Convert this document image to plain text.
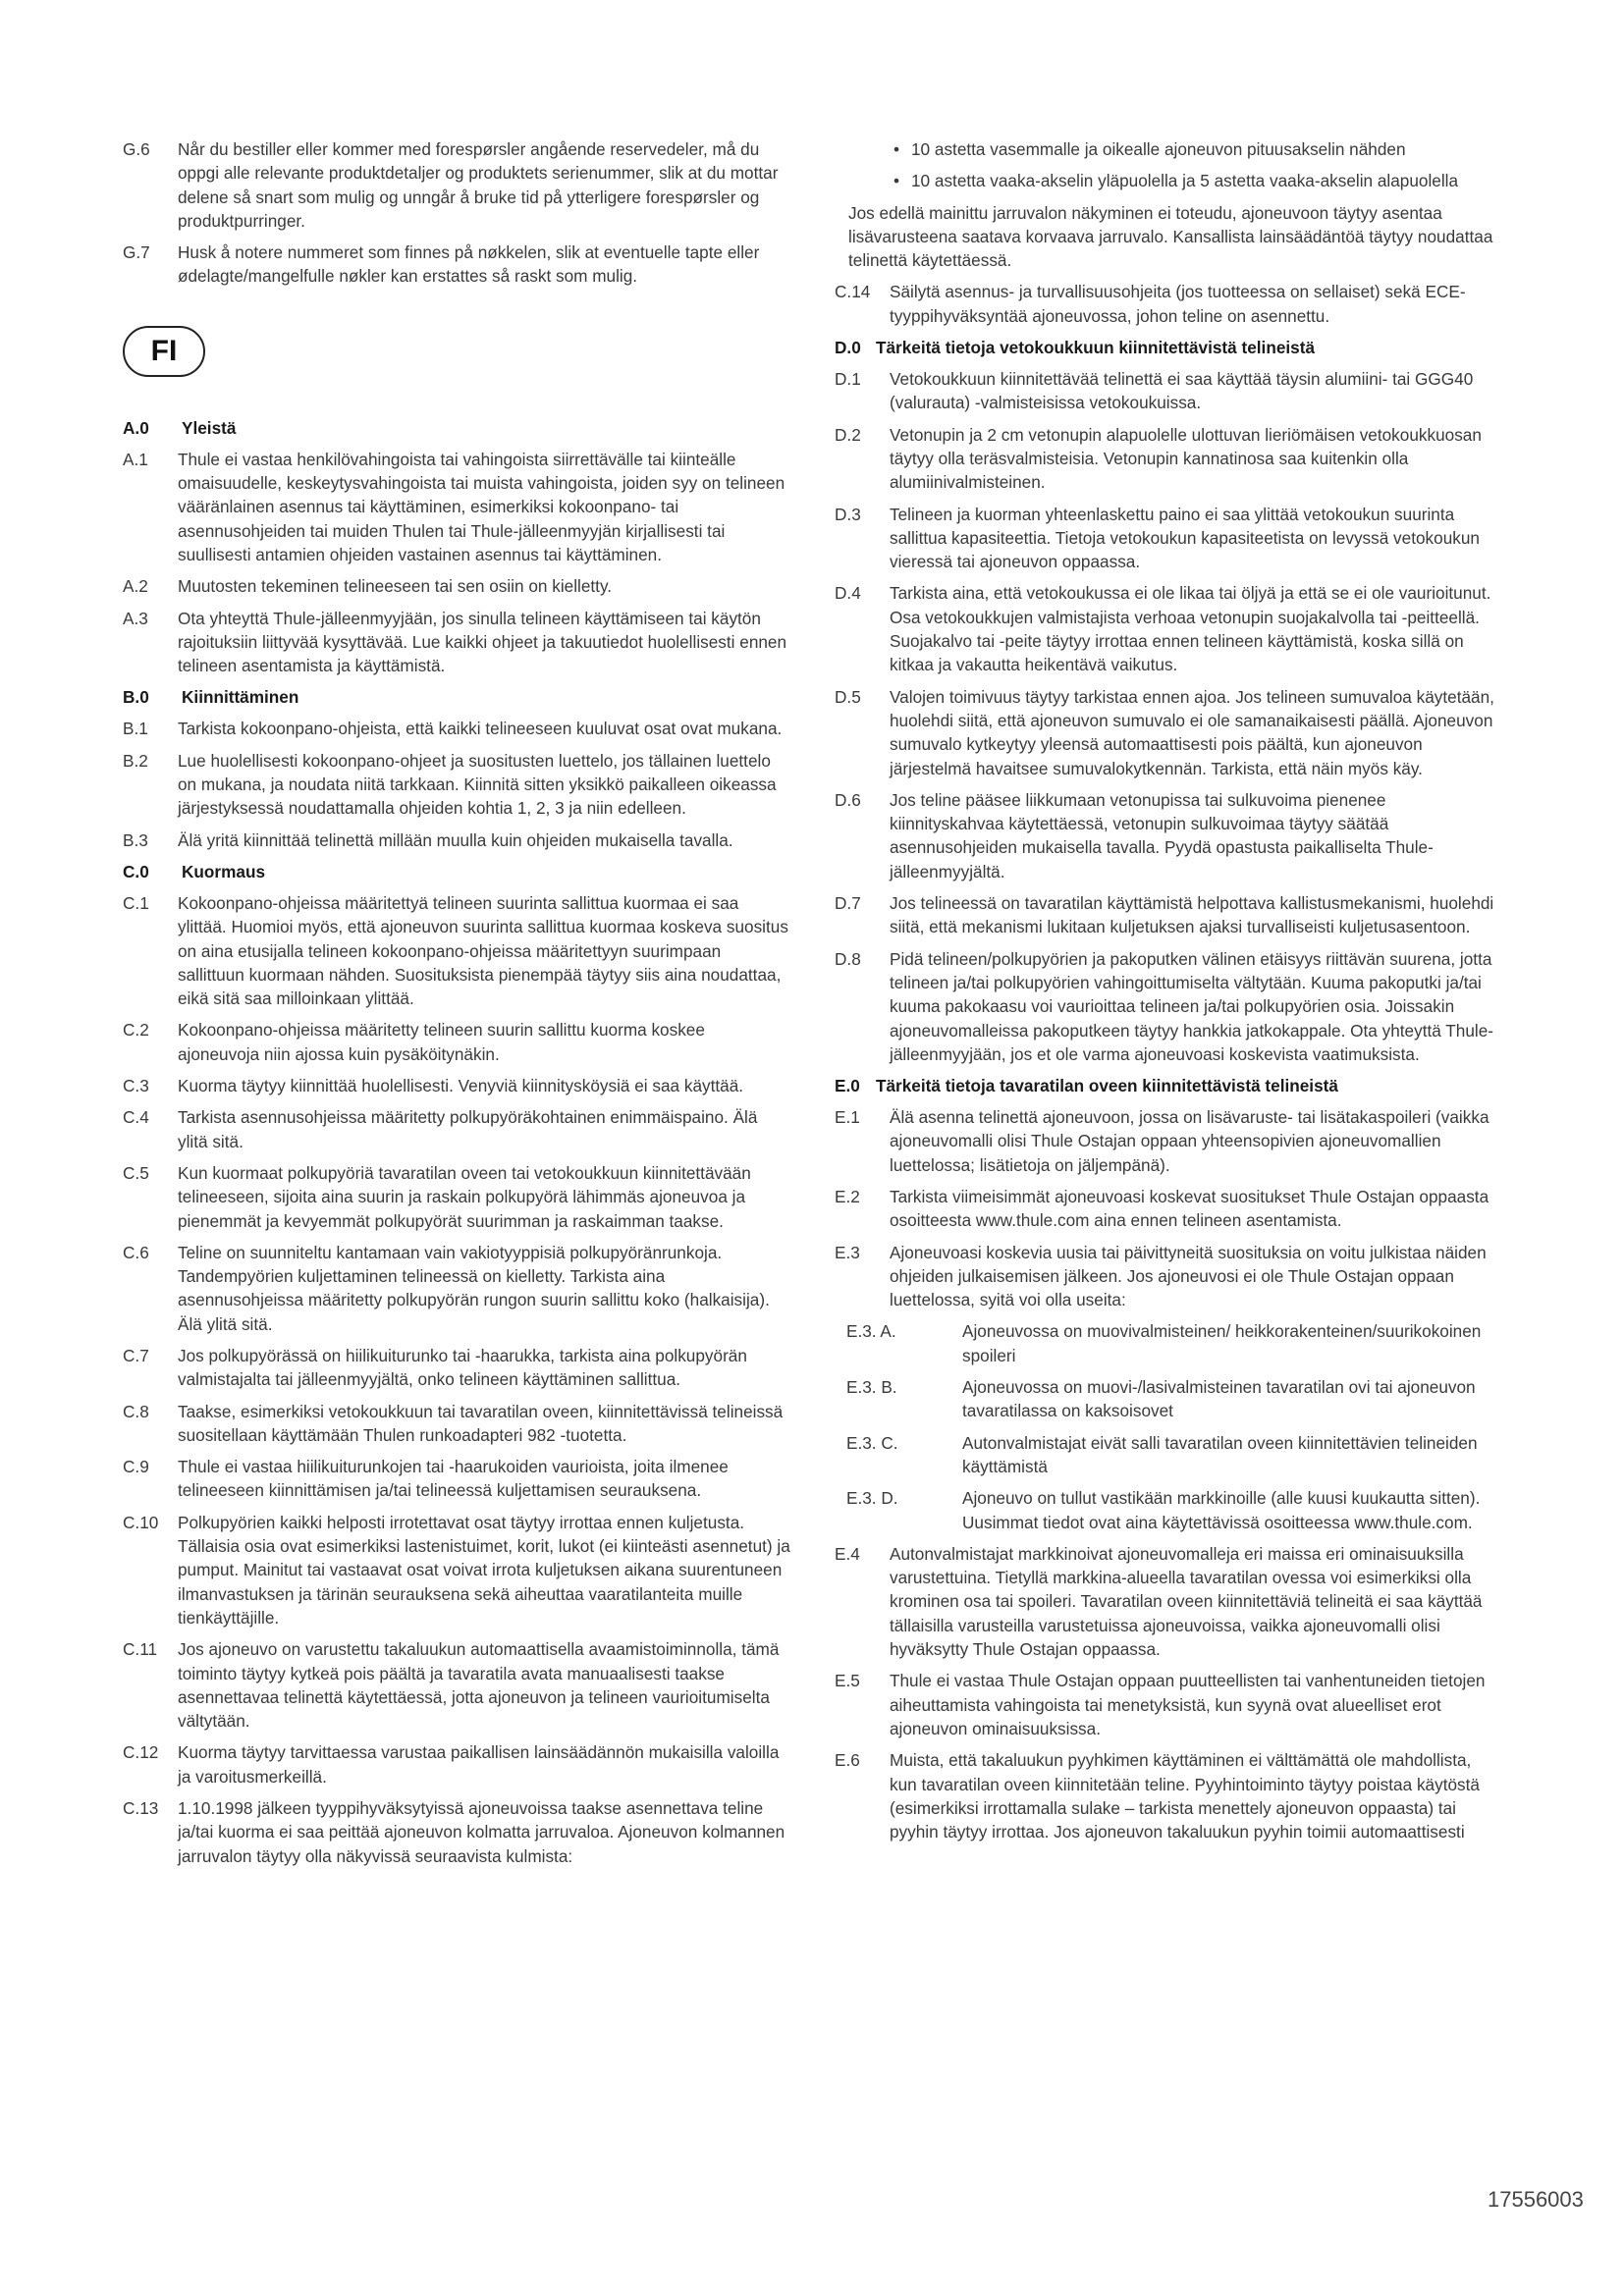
G.6 Når du bestiller eller kommer med forespørsler angående reservedeler, må du oppgi alle relevante produktdetaljer og produktets serienummer, slik at du mottar delene så snart som mulig og unngår å bruke tid på ytterligere forespørsler og produktpurringer.
G.7 Husk å notere nummeret som finnes på nøkkelen, slik at eventuelle tapte eller ødelagte/mangelfulle nøkler kan erstattes så raskt som mulig.
FI
A.0 Yleistä
A.1 Thule ei vastaa henkilövahingoista tai vahingoista siirrettävälle tai kiinteälle omaisuudelle, keskeytysvahingoista tai muista vahingoista, joiden syy on telineen vääränlainen asennus tai käyttäminen, esimerkiksi kokoonpano- tai asennusohjeiden tai muiden Thulen tai Thule-jälleenmyyjän kirjallisesti tai suullisesti antamien ohjeiden vastainen asennus tai käyttäminen.
A.2 Muutosten tekeminen telineeseen tai sen osiin on kielletty.
A.3 Ota yhteyttä Thule-jälleenmyyjään, jos sinulla telineen käyttämiseen tai käytön rajoituksiin liittyvää kysyttävää. Lue kaikki ohjeet ja takuutiedot huolellisesti ennen telineen asentamista ja käyttämistä.
B.0 Kiinnittäminen
B.1 Tarkista kokoonpano-ohjeista, että kaikki telineeseen kuuluvat osat ovat mukana.
B.2 Lue huolellisesti kokoonpano-ohjeet ja suositusten luettelo, jos tällainen luettelo on mukana, ja noudata niitä tarkkaan. Kiinnitä sitten yksikkö paikalleen oikeassa järjestyksessä noudattamalla ohjeiden kohtia 1, 2, 3 ja niin edelleen.
B.3 Älä yritä kiinnittää telinettä millään muulla kuin ohjeiden mukaisella tavalla.
C.0 Kuormaus
C.1 Kokoonpano-ohjeissa määritettyä telineen suurinta sallittua kuormaa ei saa ylittää. Huomioi myös, että ajoneuvon suurinta sallittua kuormaa koskeva suositus on aina etusijalla telineen kokoonpano-ohjeissa määritettyyn suurimpaan sallittuun kuormaan nähden. Suosituksista pienempää täytyy siis aina noudattaa, eikä sitä saa milloinkaan ylittää.
C.2 Kokoonpano-ohjeissa määritetty telineen suurin sallittu kuorma koskee ajoneuvoja niin ajossa kuin pysäköitynäkin.
C.3 Kuorma täytyy kiinnittää huolellisesti. Venyviä kiinnitysköysiä ei saa käyttää.
C.4 Tarkista asennusohjeissa määritetty polkupyöräkohtainen enimmäispaino. Älä ylitä sitä.
C.5 Kun kuormaat polkupyöriä tavaratilan oveen tai vetokoukkuun kiinnitettävään telineeseen, sijoita aina suurin ja raskain polkupyörä lähimmäs ajoneuvoa ja pienemmät ja kevyemmät polkupyörät suurimman ja raskaimman taakse.
C.6 Teline on suunniteltu kantamaan vain vakiotyyppisiä polkupyöränrunkoja. Tandempyörien kuljettaminen telineessä on kielletty. Tarkista aina asennusohjeissa määritetty polkupyörän rungon suurin sallittu koko (halkaisija). Älä ylitä sitä.
C.7 Jos polkupyörässä on hiilikuiturunko tai -haarukka, tarkista aina polkupyörän valmistajalta tai jälleenmyyjältä, onko telineen käyttäminen sallittua.
C.8 Taakse, esimerkiksi vetokoukkuun tai tavaratilan oveen, kiinnitettävissä telineissä suositellaan käyttämään Thulen runkoadapteri 982 -tuotetta.
C.9 Thule ei vastaa hiilikuiturunkojen tai -haarukoiden vaurioista, joita ilmenee telineeseen kiinnittämisen ja/tai telineessä kuljettamisen seurauksena.
C.10 Polkupyörien kaikki helposti irrotettavat osat täytyy irrottaa ennen kuljetusta. Tällaisia osia ovat esimerkiksi lastenistuimet, korit, lukot (ei kiinteästi asennetut) ja pumput. Mainitut tai vastaavat osat voivat irrota kuljetuksen aikana suurentuneen ilmanvastuksen ja tärinän seurauksena sekä aiheuttaa vaaratilanteita muille tienkäyttäjille.
C.11 Jos ajoneuvo on varustettu takaluukun automaattisella avaamistoiminnolla, tämä toiminto täytyy kytkeä pois päältä ja tavaratila avata manuaalisesti taakse asennettavaa telinettä käytettäessä, jotta ajoneuvon ja telineen vaurioitumiselta vältytään.
C.12 Kuorma täytyy tarvittaessa varustaa paikallisen lainsäädännön mukaisilla valoilla ja varoitusmerkeillä.
C.13 1.10.1998 jälkeen tyyppihyväksytyissä ajoneuvoissa taakse asennettava teline ja/tai kuorma ei saa peittää ajoneuvon kolmatta jarruvaloa. Ajoneuvon kolmannen jarruvalon täytyy olla näkyvissä seuraavista kulmista:
• 10 astetta vasemmalle ja oikealle ajoneuvon pituusakselin nähden
• 10 astetta vaaka-akselin yläpuolella ja 5 astetta vaaka-akselin alapuolella
Jos edellä mainittu jarruvalon näkyminen ei toteudu, ajoneuvoon täytyy asentaa lisävarusteena saatava korvaava jarruvalo. Kansallista lainsäädäntöä täytyy noudattaa telinettä käytettäessä.
C.14 Säilytä asennus- ja turvallisuusohjeita (jos tuotteessa on sellaiset) sekä ECE-tyyppihyväksyntää ajoneuvossa, johon teline on asennettu.
D.0 Tärkeitä tietoja vetokoukkuun kiinnitettävistä telineistä
D.1 Vetokoukkuun kiinnitettävää telinettä ei saa käyttää täysin alumiini- tai GGG40 (valurauta) -valmisteisissa vetokoukuissa.
D.2 Vetonupin ja 2 cm vetonupin alapuolelle ulottuvan lieriömäisen vetokoukkuosan täytyy olla teräsvalmisteisia. Vetonupin kannatinosa saa kuitenkin olla alumiinivalmisteinen.
D.3 Telineen ja kuorman yhteenlaskettu paino ei saa ylittää vetokoukun suurinta sallittua kapasiteettia. Tietoja vetokoukun kapasiteetista on levyssä vetokoukun vieressä tai ajoneuvon oppaassa.
D.4 Tarkista aina, että vetokoukussa ei ole likaa tai öljyä ja että se ei ole vaurioitunut. Osa vetokoukkujen valmistajista verhoaa vetonupin suojakalvolla tai -peitteellä. Suojakalvo tai -peite täytyy irrottaa ennen telineen käyttämistä, koska sillä on kitkaa ja vakautta heikentävä vaikutus.
D.5 Valojen toimivuus täytyy tarkistaa ennen ajoa. Jos telineen sumuvaloa käytetään, huolehdi siitä, että ajoneuvon sumuvalo ei ole samanaikaisesti päällä. Ajoneuvon sumuvalo kytkeytyy yleensä automaattisesti pois päältä, kun ajoneuvon järjestelmä havaitsee sumuvalokytkennän. Tarkista, että näin myös käy.
D.6 Jos teline pääsee liikkumaan vetonupissa tai sulkuvoima pienenee kiinnityskahvaa käytettäessä, vetonupin sulkuvoimaa täytyy säätää asennusohjeiden mukaisella tavalla. Pyydä opastusta paikalliselta Thule-jälleenmyyjältä.
D.7 Jos telineessä on tavaratilan käyttämistä helpottava kallistusmekanismi, huolehdi siitä, että mekanismi lukitaan kuljetuksen ajaksi turvalliseisti kuljetusasentoon.
D.8 Pidä telineen/polkupyörien ja pakoputken välinen etäisyys riittävän suurena, jotta telineen ja/tai polkupyörien vahingoittumiselta vältytään. Kuuma pakoputki ja/tai kuuma pakokaasu voi vaurioittaa telineen ja/tai polkupyörien osia. Joissakin ajoneuvomalleissa pakoputkeen täytyy hankkia jatkokappale. Ota yhteyttä Thule-jälleenmyyjään, jos et ole varma ajoneuvoasi koskevista vaatimuksista.
E.0 Tärkeitä tietoja tavaratilan oveen kiinnitettävistä telineistä
E.1 Älä asenna telinettä ajoneuvoon, jossa on lisävaruste- tai lisätakaspoileri (vaikka ajoneuvomalli olisi Thule Ostajan oppaan yhteensopivien ajoneuvomallien luettelossa; lisätietoja on jäljempänä).
E.2 Tarkista viimeisimmät ajoneuvoasi koskevat suositukset Thule Ostajan oppaasta osoitteesta www.thule.com aina ennen telineen asentamista.
E.3 Ajoneuvoasi koskevia uusia tai päivittyneitä suosituksia on voitu julkistaa näiden ohjeiden julkaisemisen jälkeen. Jos ajoneuvosi ei ole Thule Ostajan oppaan luettelossa, syitä voi olla useita:
E.3. A.	Ajoneuvossa on muovivalmisteinen/ heikkorakenteinen/suurikokoinen spoileri
E.3. B.	Ajoneuvossa on muovi-/lasivalmisteinen tavaratilan ovi tai ajoneuvon tavaratilassa on kaksoisovet
E.3. C.	Autonvalmistajat eivät salli tavaratilan oveen kiinnitettävien telineiden käyttämistä
E.3. D.	Ajoneuvo on tullut vastikään markkinoille (alle kuusi kuukautta sitten). Uusimmat tiedot ovat aina käytettävissä osoitteessa www.thule.com.
E.4 Autonvalmistajat markkinoivat ajoneuvomalleja eri maissa eri ominaisuuksilla varustettuina. Tietyllä markkina-alueella tavaratilan ovessa voi esimerkiksi olla krominen osa tai spoileri. Tavaratilan oveen kiinnitettäviä telineitä ei saa käyttää tällaisilla varusteilla varustetuissa ajoneuvoissa, vaikka ajoneuvomalli olisi hyväksytty Thule Ostajan oppaassa.
E.5 Thule ei vastaa Thule Ostajan oppaan puutteellisten tai vanhentuneiden tietojen aiheuttamista vahingoista tai menetyksistä, kun syynä ovat alueelliset erot ajoneuvon ominaisuuksissa.
E.6 Muista, että takaluukun pyyhkimen käyttäminen ei välttämättä ole mahdollista, kun tavaratilan oveen kiinnitetään teline. Pyyhintoiminto täytyy poistaa käytöstä (esimerkiksi irrottamalla sulake – tarkista menettely ajoneuvon oppaasta) tai pyyhin täytyy irrottaa. Jos ajoneuvon takaluukun pyyhin toimii automaattisesti
17556003
